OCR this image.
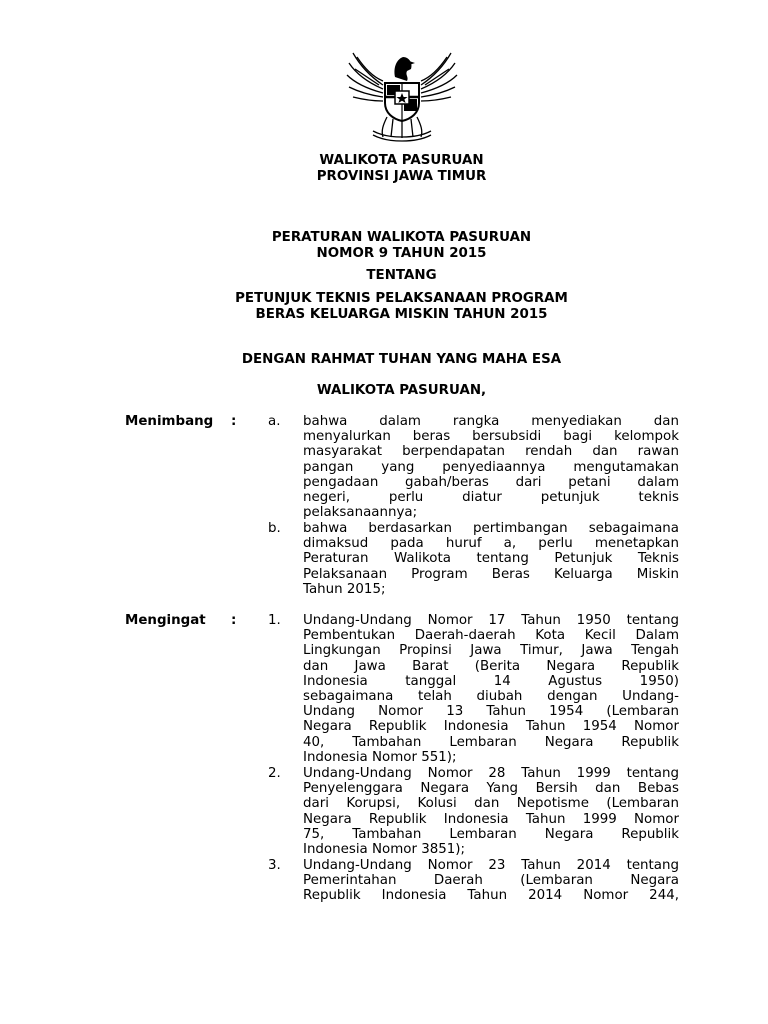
WALIKOTA PASURUAN
PROVINSI JAWA TIMUR
PERATURAN WALIKOTA PASURUAN
NOMOR 9 TAHUN 2015
TENTANG
PETUNJUK TEKNIS PELAKSANAAN PROGRAM
BERAS KELUARGA MISKIN TAHUN 2015
DENGAN RAHMAT TUHAN YANG MAHA ESA
WALIKOTA PASURUAN,
Menimbang : a. bahwa dalam rangka menyediakan dan
menyalurkan beras bersubsidi bagi kelompok
masyarakat berpendapatan rendah dan rawan
pangan yang penyediaannya mengutamakan
pengadaan gabah/beras dari petani dalam
negeri, perlu diatur petunjuk teknis
pelaksanaannya;
b. bahwa berdasarkan pertimbangan sebagaimana
dimaksud pada huruf a, perlu menetapkan
Peraturan Walikota tentang Petunjuk Teknis
Pelaksanaan Program Beras Keluarga Miskin
Tahun 2015;
Mengingat : 1. Undang-Undang Nomor 17 Tahun 1950 tentang
Pembentukan Daerah-daerah Kota Kecil Dalam
Lingkungan Propinsi Jawa Timur, Jawa Tengah
dan Jawa Barat (Berita Negara Republik
Indonesia tanggal 14 Agustus 1950)
sebagaimana telah diubah dengan Undang-
Undang Nomor 13 Tahun 1954 (Lembaran
Negara Republik Indonesia Tahun 1954 Nomor
40, Tambahan Lembaran Negara Republik
Indonesia Nomor 551);
2. Undang-Undang Nomor 28 Tahun 1999 tentang
Penyelenggara Negara Yang Bersih dan Bebas
dari Korupsi, Kolusi dan Nepotisme (Lembaran
Negara Republik Indonesia Tahun 1999 Nomor
75, Tambahan Lembaran Negara Republik
Indonesia Nomor 3851);
3. Undang-Undang Nomor 23 Tahun 2014 tentang
Pemerintahan Daerah (Lembaran Negara
Republik Indonesia Tahun 2014 Nomor 244,
